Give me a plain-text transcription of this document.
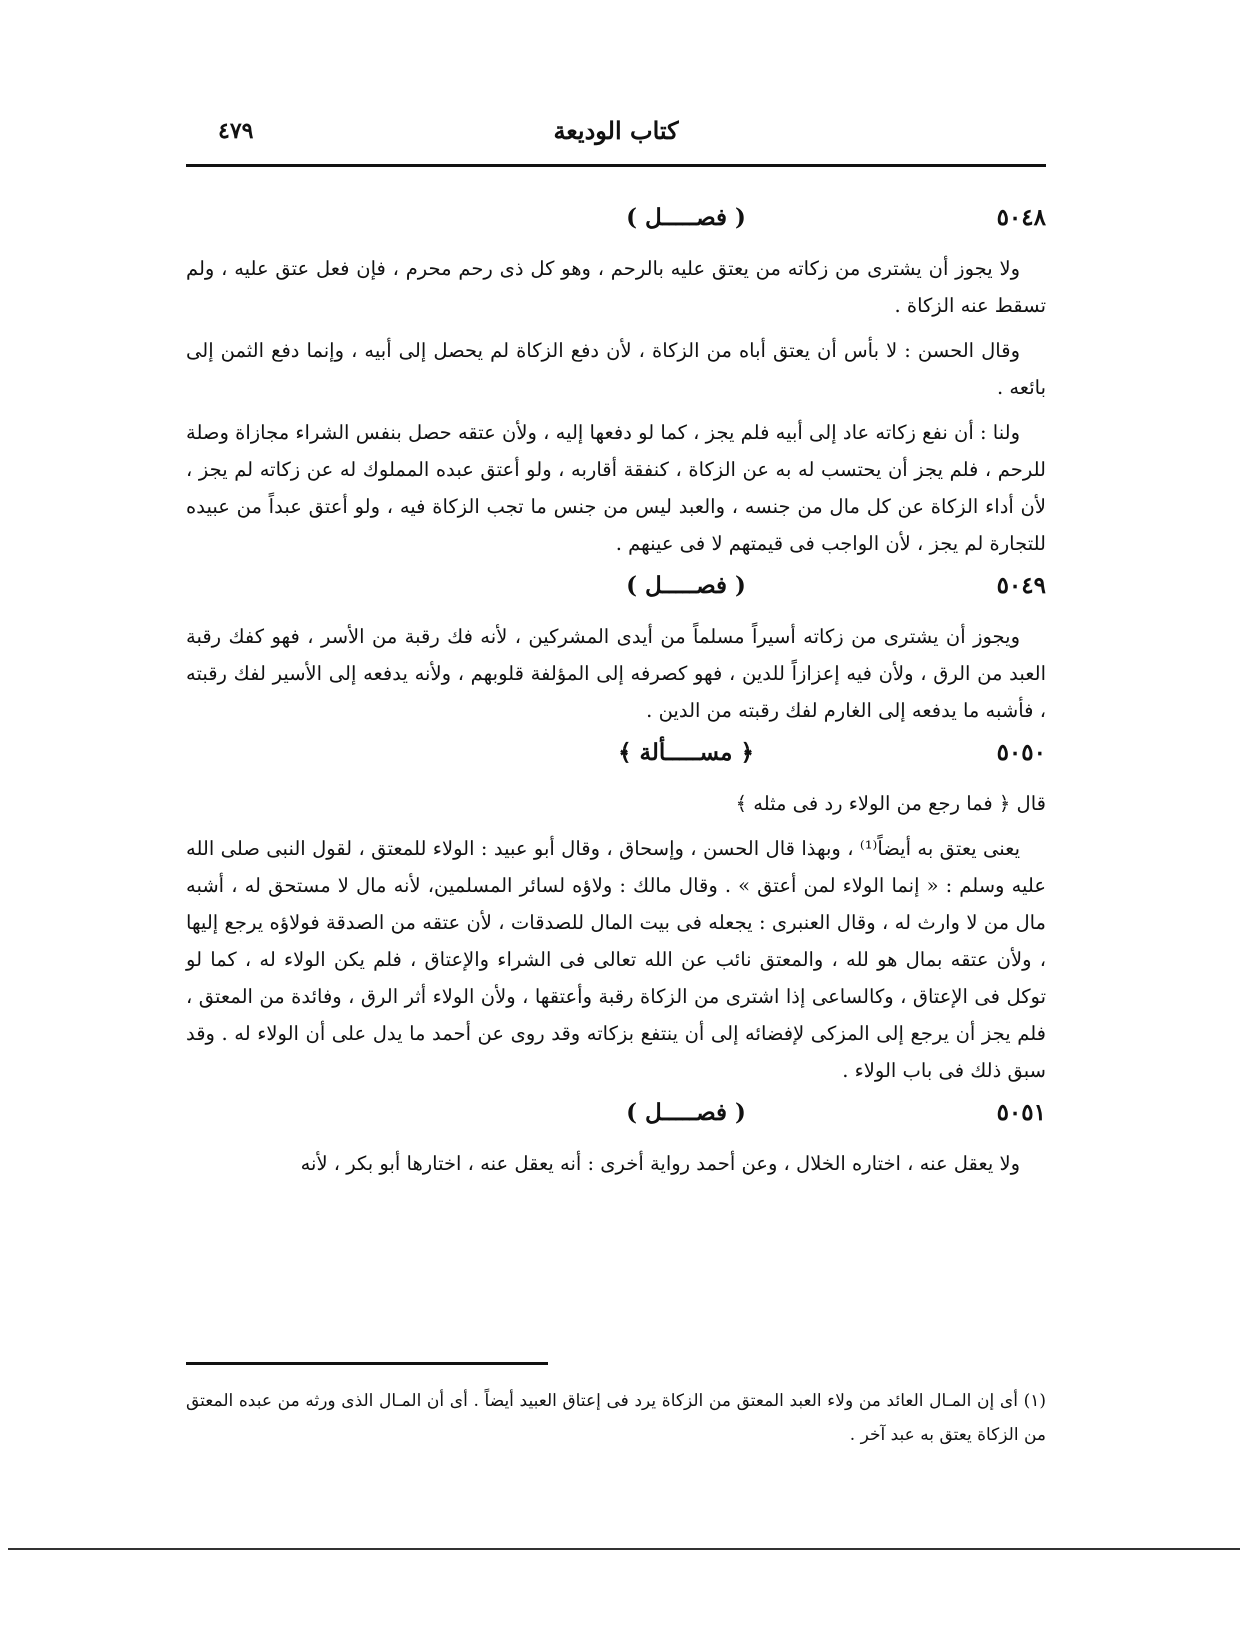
كتاب الوديعة
٤٧٩
٥٠٤٨
( فصـــــل )

ولا يجوز أن يشترى من زكاته من يعتق عليه بالرحم ، وهو كل ذى رحم محرم ، فإن فعل عتق عليه ، ولم تسقط عنه الزكاة .

وقال الحسن : لا بأس أن يعتق أباه من الزكاة ، لأن دفع الزكاة لم يحصل إلى أبيه ، وإنما دفع الثمن إلى بائعه .

ولنا : أن نفع زكاته عاد إلى أبيه فلم يجز ، كما لو دفعها إليه ، ولأن عتقه حصل بنفس الشراء مجازاة وصلة للرحم ، فلم يجز أن يحتسب له به عن الزكاة ، كنفقة أقاربه ، ولو أعتق عبده المملوك له عن زكاته لم يجز ، لأن أداء الزكاة عن كل مال من جنسه ، والعبد ليس من جنس ما تجب الزكاة فيه ، ولو أعتق عبداً من عبيده للتجارة لم يجز ، لأن الواجب فى قيمتهم لا فى عينهم .

٥٠٤٩
( فصـــــل )

ويجوز أن يشترى من زكاته أسيراً مسلماً من أيدى المشركين ، لأنه فك رقبة من الأسر ، فهو كفك رقبة العبد من الرق ، ولأن فيه إعزازاً للدين ، فهو كصرفه إلى المؤلفة قلوبهم ، ولأنه يدفعه إلى الأسير لفك رقبته ، فأشبه ما يدفعه إلى الغارم لفك رقبته من الدين .

٥٠٥٠
﴿ مســـــألة ﴾

قال ﴿ فما رجع من الولاء رد فى مثله ﴾

يعنى يعتق به أيضاً⁽¹⁾ ، وبهذا قال الحسن ، وإسحاق ، وقال أبو عبيد : الولاء للمعتق ، لقول النبى صلى الله عليه وسلم : « إنما الولاء لمن أعتق » . وقال مالك : ولاؤه لسائر المسلمين، لأنه مال لا مستحق له ، أشبه مال من لا وارث له ، وقال العنبرى : يجعله فى بيت المال للصدقات ، لأن عتقه من الصدقة فولاؤه يرجع إليها ، ولأن عتقه بمال هو لله ، والمعتق نائب عن الله تعالى فى الشراء والإعتاق ، فلم يكن الولاء له ، كما لو توكل فى الإعتاق ، وكالساعى إذا اشترى من الزكاة رقبة وأعتقها ، ولأن الولاء أثر الرق ، وفائدة من المعتق ، فلم يجز أن يرجع إلى المزكى لإفضائه إلى أن ينتفع بزكاته وقد روى عن أحمد ما يدل على أن الولاء له . وقد سبق ذلك فى باب الولاء .

٥٠٥١
( فصـــــل )

ولا يعقل عنه ، اختاره الخلال ، وعن أحمد رواية أخرى : أنه يعقل عنه ، اختارها أبو بكر ، لأنه

(١) أى إن المـال العائد من ولاء العبد المعتق من الزكاة يرد فى إعتاق العبيد أيضاً . أى أن المـال الذى ورثه من عبده المعتق من الزكاة يعتق به عبد آخر .
